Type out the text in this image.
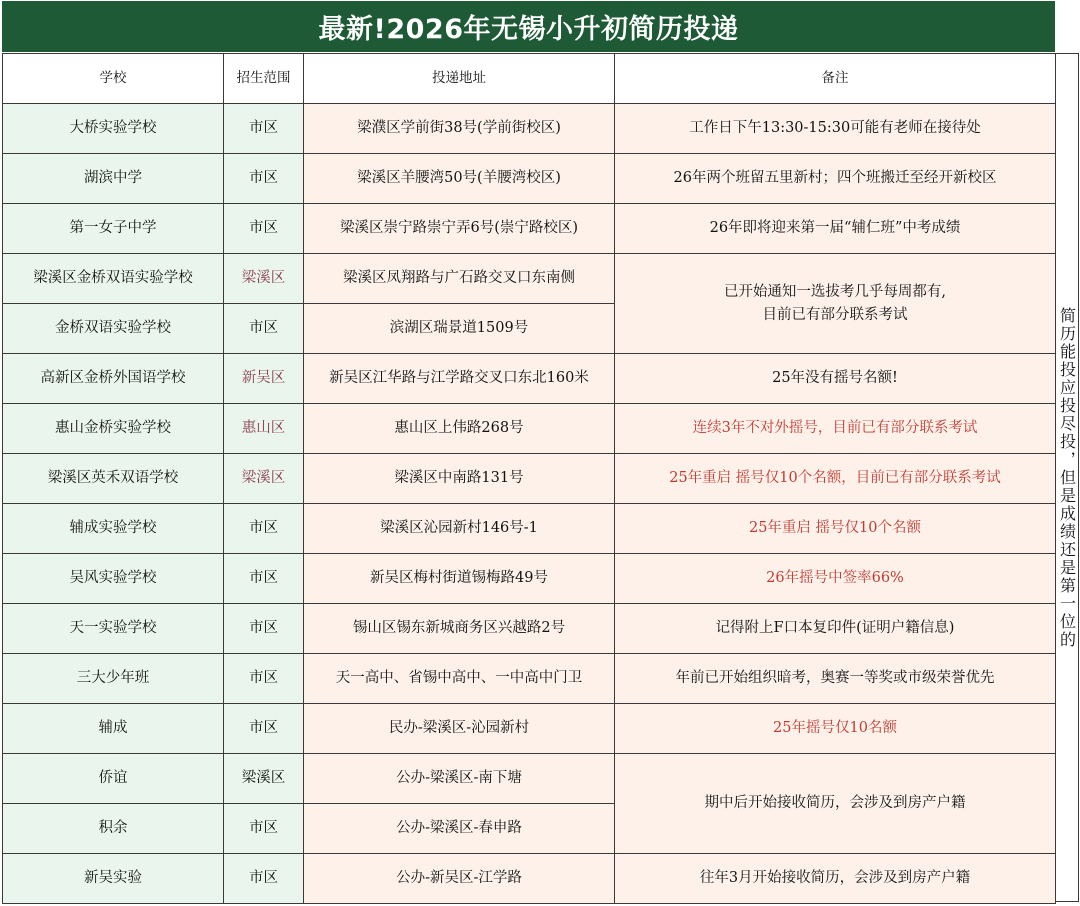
最新!2026年无锡小升初简历投递
学校	招生范围	投递地址	备注
大桥实验学校	市区	梁濮区学前街38号(学前街校区)	工作日下午13:30-15:30可能有老师在接待处
湖滨中学	市区	梁溪区羊腰湾50号(羊腰湾校区)	26年两个班留五里新村；四个班搬迁至经开新校区
第一女子中学	市区	梁溪区崇宁路崇宁弄6号(崇宁路校区)	26年即将迎来第一届“辅仁班”中考成绩
梁溪区金桥双语实验学校	梁溪区	梁溪区凤翔路与广石路交叉口东南侧	已开始通知一选拔考几乎每周都有,
目前已有部分联系考试
金桥双语实验学校	市区	滨湖区瑞景道1509号	
高新区金桥外国语学校	新吴区	新吴区江华路与江学路交叉口东北160米	25年没有摇号名额!
惠山金桥实验学校	惠山区	惠山区上伟路268号	连续3年不对外摇号，目前已有部分联系考试
梁溪区英禾双语学校	梁溪区	梁溪区中南路131号	25年重启 摇号仅10个名额，目前已有部分联系考试
辅成实验学校	市区	梁溪区沁园新村146号-1	25年重启 摇号仅10个名额
吴风实验学校	市区	新吴区梅村街道锡梅路49号	26年摇号中签率66%
天一实验学校	市区	锡山区锡东新城商务区兴越路2号	记得附上F口本复印件(证明户籍信息)
三大少年班	市区	天一高中、省锡中高中、一中高中门卫	年前已开始组织暗考，奥赛一等奖或市级荣誉优先
辅成	市区	民办-梁溪区-沁园新村	25年摇号仅10名额
侨谊	梁溪区	公办-梁溪区-南下塘	期中后开始接收简历，会涉及到房产户籍
积余	市区	公办-梁溪区-春申路	
新吴实验	市区	公办-新吴区-江学路	往年3月开始接收简历，会涉及到房产户籍
简历能投应投尽投，但是成绩还是第一位的
